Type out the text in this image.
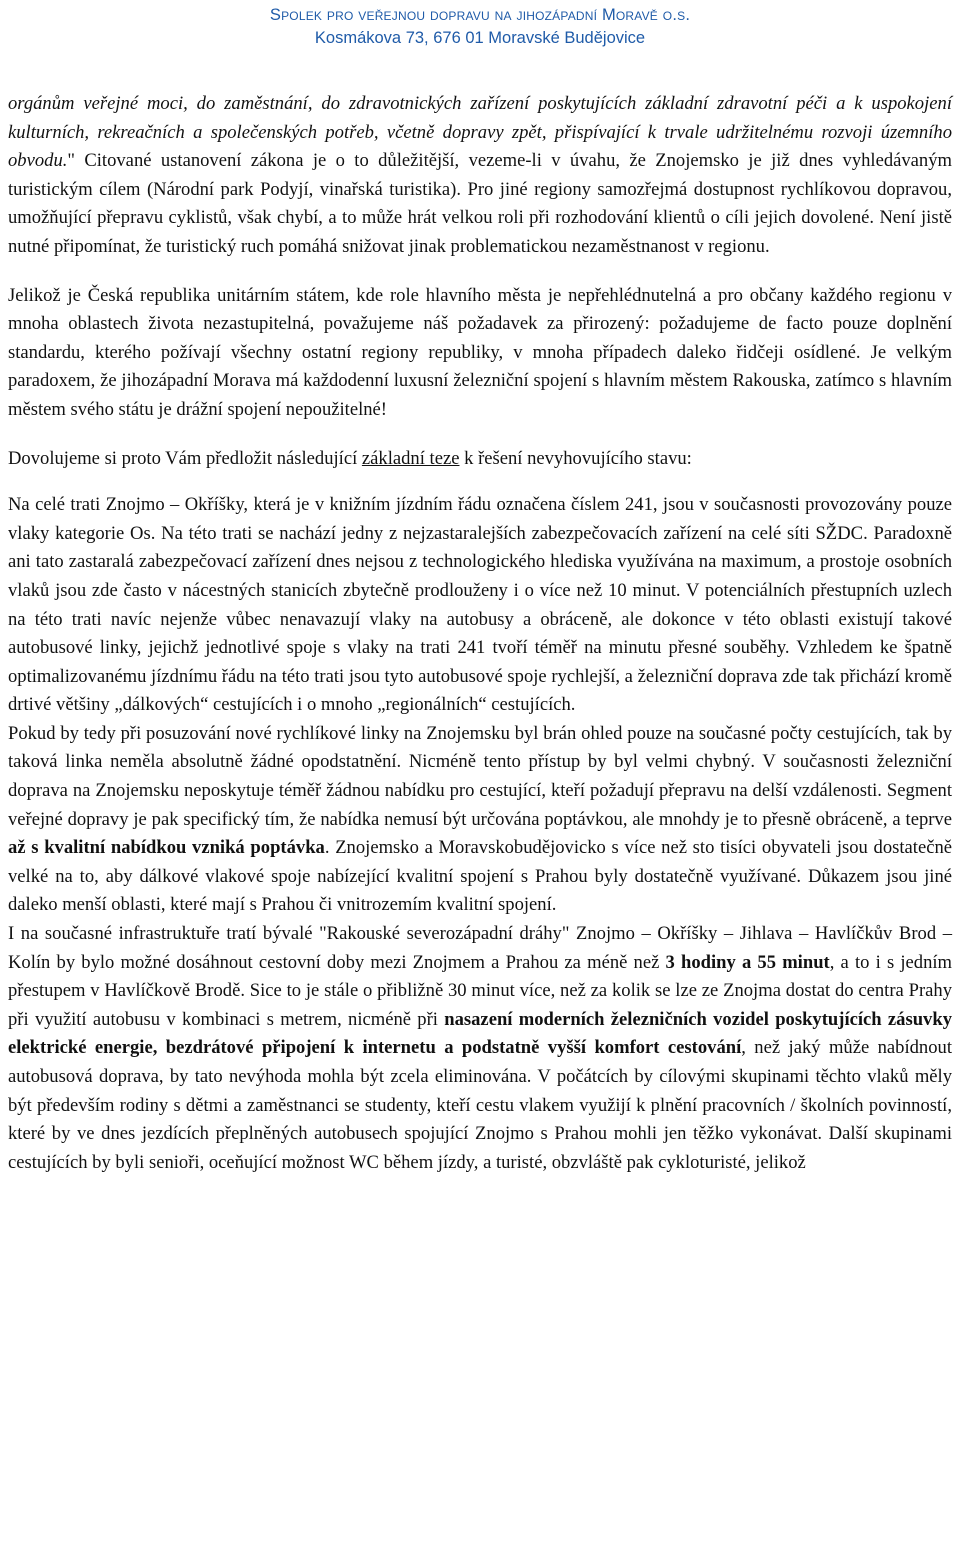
Spolek pro veřejnou dopravu na jihozápadní Moravě o.s.
Kosmákova 73, 676 01 Moravské Budějovice

orgánům veřejné moci, do zaměstnání, do zdravotnických zařízení poskytujících základní zdravotní péči a k uspokojení kulturních, rekreačních a společenských potřeb, včetně dopravy zpět, přispívající k trvale udržitelnému rozvoji územního obvodu." Citované ustanovení zákona je o to důležitější, vezeme-li v úvahu, že Znojemsko je již dnes vyhledávaným turistickým cílem (Národní park Podyjí, vinařská turistika). Pro jiné regiony samozřejmá dostupnost rychlíkovou dopravou, umožňující přepravu cyklistů, však chybí, a to může hrát velkou roli při rozhodování klientů o cíli jejich dovolené. Není jistě nutné připomínat, že turistický ruch pomáhá snižovat jinak problematickou nezaměstnanost v regionu.

Jelikož je Česká republika unitárním státem, kde role hlavního města je nepřehlédnutelná a pro občany každého regionu v mnoha oblastech života nezastupitelná, považujeme náš požadavek za přirozený: požadujeme de facto pouze doplnění standardu, kterého požívají všechny ostatní regiony republiky, v mnoha případech daleko řidčeji osídlené. Je velkým paradoxem, že jihozápadní Morava má každodenní luxusní železniční spojení s hlavním městem Rakouska, zatímco s hlavním městem svého státu je drážní spojení nepoužitelné!

Dovolujeme si proto Vám předložit následující základní teze k řešení nevyhovujícího stavu:

Na celé trati Znojmo – Okříšky, která je v knižním jízdním řádu označena číslem 241, jsou v současnosti provozovány pouze vlaky kategorie Os. Na této trati se nachází jedny z nejzastaralejších zabezpečovacích zařízení na celé síti SŽDC. Paradoxně ani tato zastaralá zabezpečovací zařízení dnes nejsou z technologického hlediska využívána na maximum, a prostoje osobních vlaků jsou zde často v nácestných stanicích zbytečně prodlouženy i o více než 10 minut. V potenciálních přestupních uzlech na této trati navíc nejenže vůbec nenavazují vlaky na autobusy a obráceně, ale dokonce v této oblasti existují takové autobusové linky, jejichž jednotlivé spoje s vlaky na trati 241 tvoří téměř na minutu přesné souběhy. Vzhledem ke špatně optimalizovanému jízdnímu řádu na této trati jsou tyto autobusové spoje rychlejší, a železniční doprava zde tak přichází kromě drtivé většiny „dálkových“ cestujících i o mnoho „regionálních“ cestujících.

Pokud by tedy při posuzování nové rychlíkové linky na Znojemsku byl brán ohled pouze na současné počty cestujících, tak by taková linka neměla absolutně žádné opodstatnění. Nicméně tento přístup by byl velmi chybný. V současnosti železniční doprava na Znojemsku neposkytuje téměř žádnou nabídku pro cestující, kteří požadují přepravu na delší vzdálenosti. Segment veřejné dopravy je pak specifický tím, že nabídka nemusí být určována poptávkou, ale mnohdy je to přesně obráceně, a teprve až s kvalitní nabídkou vzniká poptávka. Znojemsko a Moravskobudějovicko s více než sto tisíci obyvateli jsou dostatečně velké na to, aby dálkové vlakové spoje nabízející kvalitní spojení s Prahou byly dostatečně využívané. Důkazem jsou jiné daleko menší oblasti, které mají s Prahou či vnitrozemím kvalitní spojení.

I na současné infrastruktuře tratí bývalé "Rakouské severozápadní dráhy" Znojmo – Okříšky – Jihlava – Havlíčkův Brod – Kolín by bylo možné dosáhnout cestovní doby mezi Znojmem a Prahou za méně než 3 hodiny a 55 minut, a to i s jedním přestupem v Havlíčkově Brodě. Sice to je stále o přibližně 30 minut více, než za kolik se lze ze Znojma dostat do centra Prahy při využití autobusu v kombinaci s metrem, nicméně při nasazení moderních železničních vozidel poskytujících zásuvky elektrické energie, bezdrátové připojení k internetu a podstatně vyšší komfort cestování, než jaký může nabídnout autobusová doprava, by tato nevýhoda mohla být zcela eliminována. V počátcích by cílovými skupinami těchto vlaků měly být především rodiny s dětmi a zaměstnanci se studenty, kteří cestu vlakem využijí k plnění pracovních / školních povinností, které by ve dnes jezdících přeplněných autobusech spojující Znojmo s Prahou mohli jen těžko vykonávat. Další skupinami cestujících by byli senioři, oceňující možnost WC během jízdy, a turisté, obzvláště pak cykloturisté, jelikož
